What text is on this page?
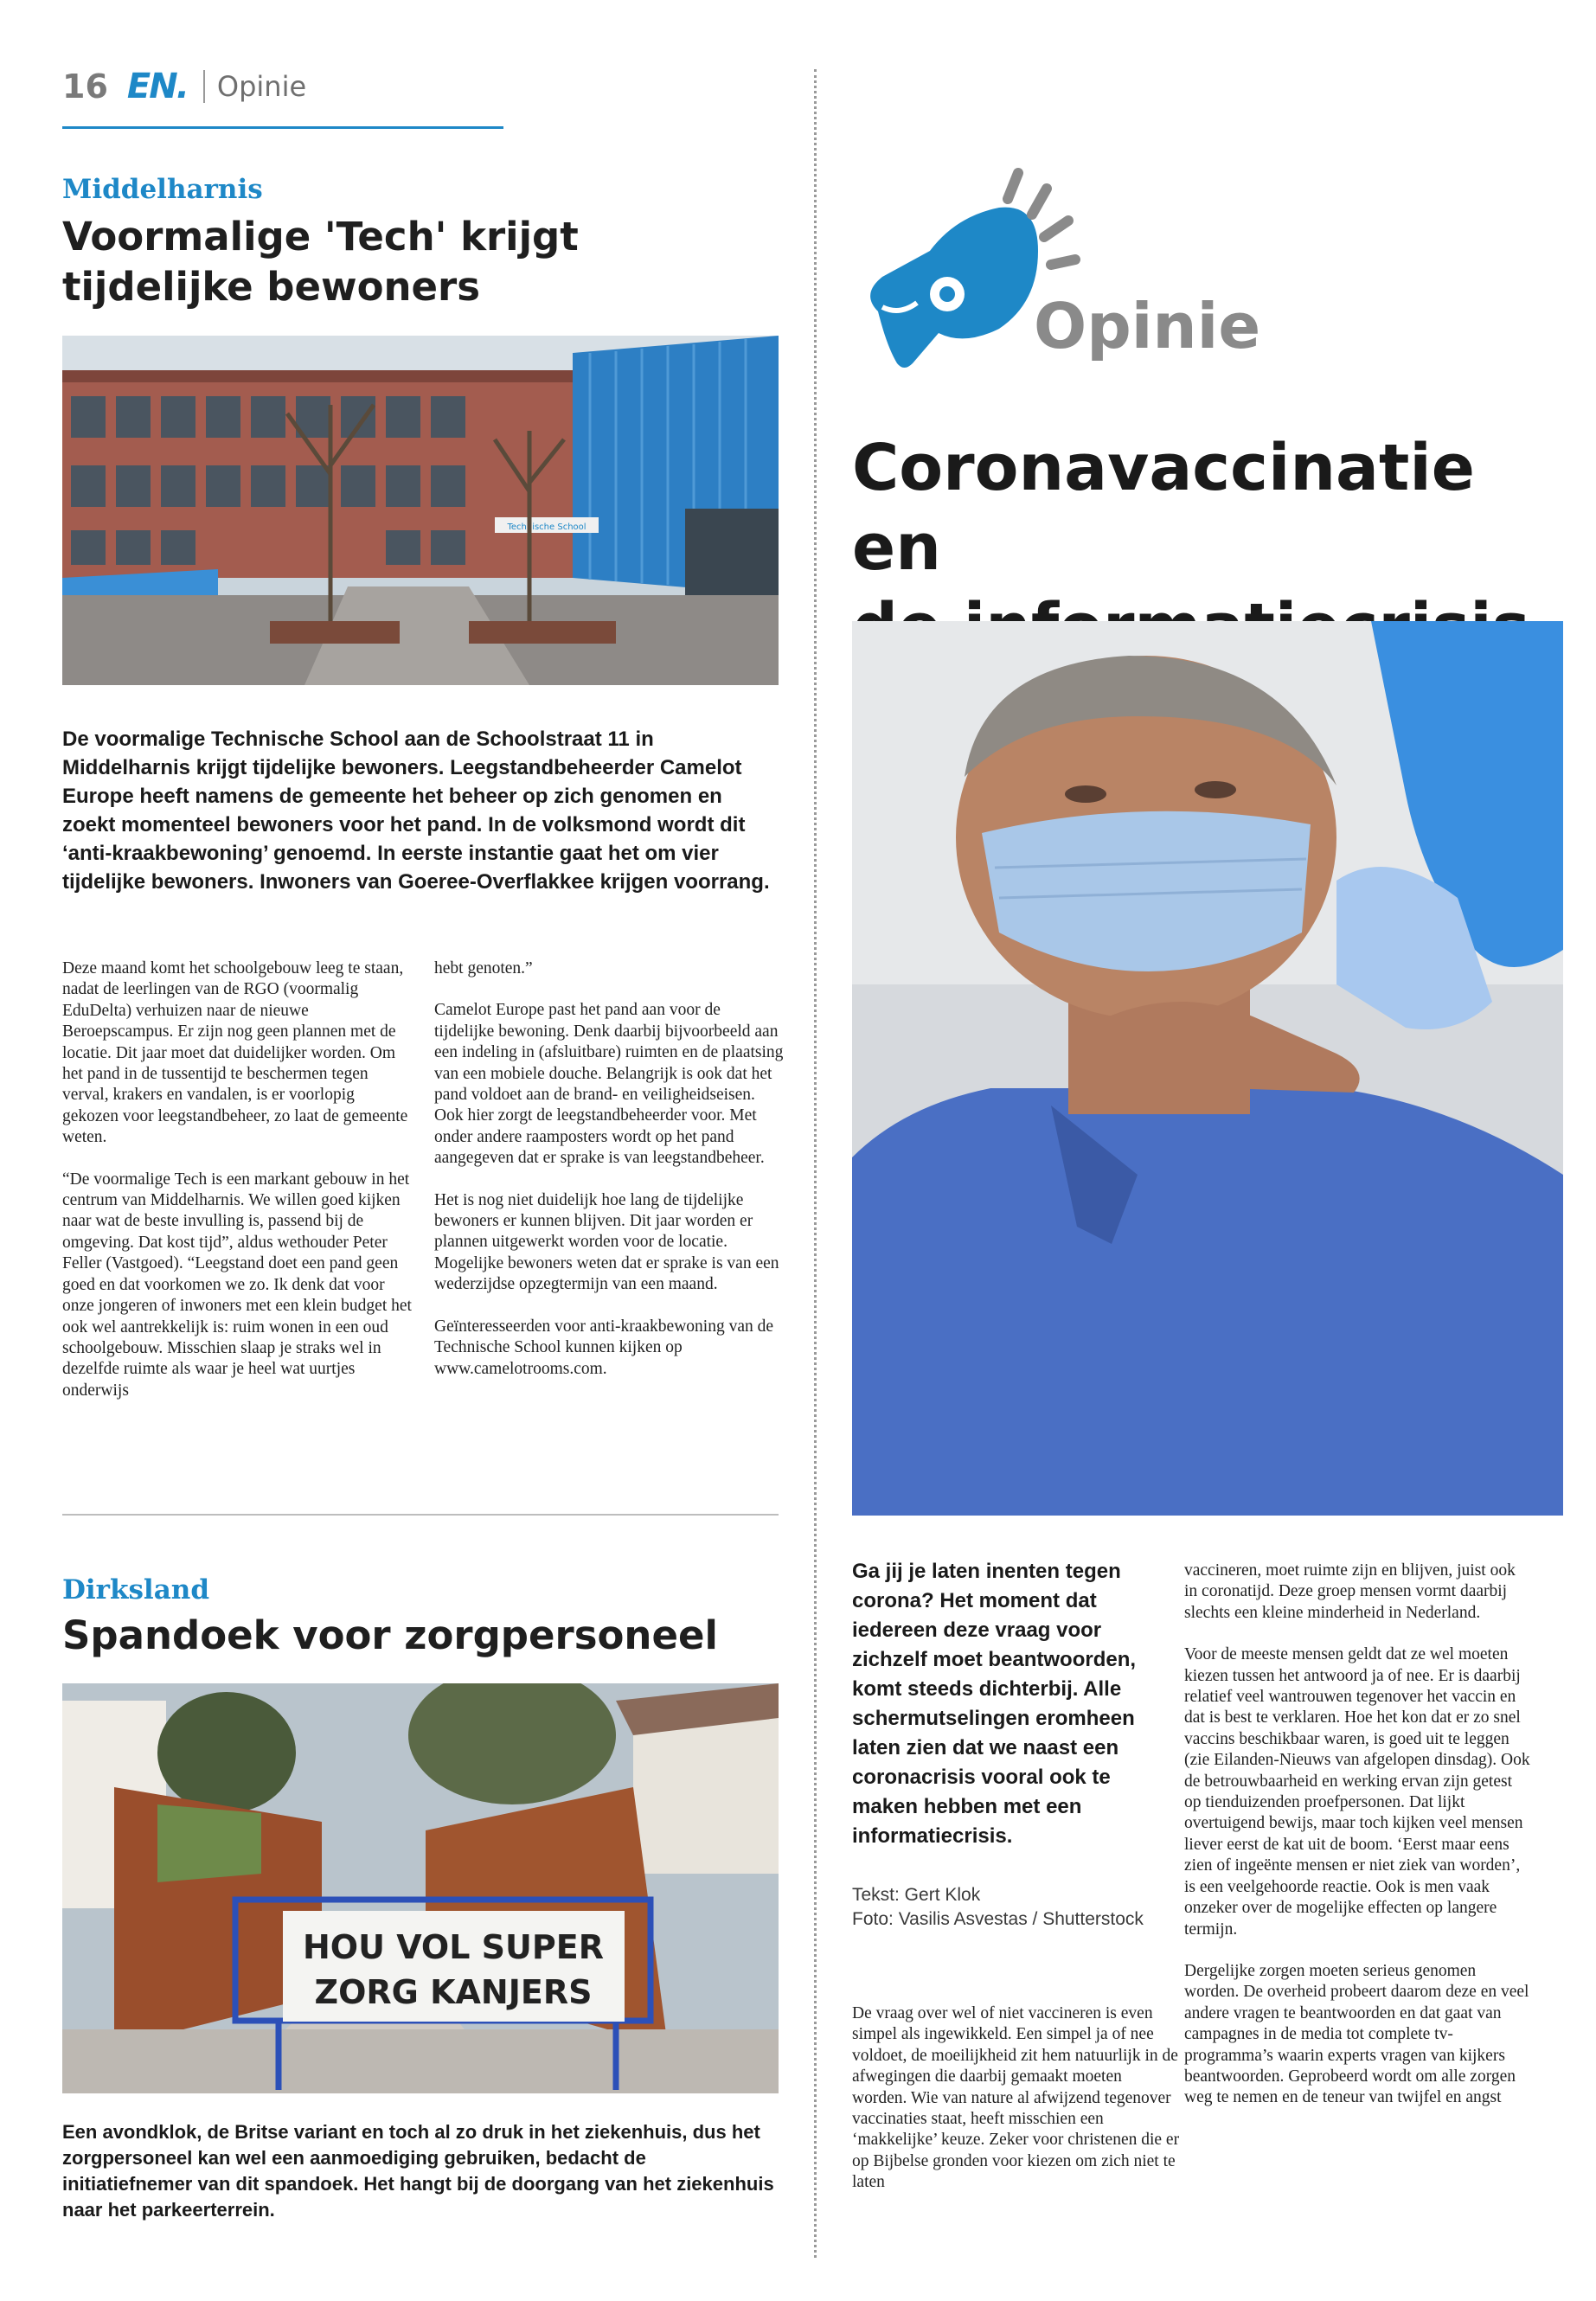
16 EN. Opinie
Middelharnis
Voormalige 'Tech' krijgt
tijdelijke bewoners
Technische School
De voormalige Technische School aan de Schoolstraat 11 in Middelharnis krijgt tijdelijke bewoners. Leegstandbeheerder Camelot Europe heeft namens de gemeente het beheer op zich genomen en zoekt momenteel bewoners voor het pand. In de volksmond wordt dit ‘anti-kraakbewoning’ genoemd. In eerste instantie gaat het om vier tijdelijke bewoners. Inwoners van Goeree-Overflakkee krijgen voorrang.

Deze maand komt het schoolgebouw leeg te staan, nadat de leerlingen van de RGO (voormalig EduDelta) verhuizen naar de nieuwe Beroepscampus. Er zijn nog geen plannen met de locatie. Dit jaar moet dat duidelijker worden. Om het pand in de tussentijd te beschermen tegen verval, krakers en vandalen, is er voorlopig gekozen voor leegstandbeheer, zo laat de gemeente weten.

“De voormalige Tech is een markant gebouw in het centrum van Middelharnis. We willen goed kijken naar wat de beste invulling is, passend bij de omgeving. Dat kost tijd”, aldus wethouder Peter Feller (Vastgoed). “Leegstand doet een pand geen goed en dat voorkomen we zo. Ik denk dat voor onze jongeren of inwoners met een klein budget het ook wel aantrekkelijk is: ruim wonen in een oud schoolgebouw. Misschien slaap je straks wel in dezelfde ruimte als waar je heel wat uurtjes onderwijs

hebt genoten.”

Camelot Europe past het pand aan voor de tijdelijke bewoning. Denk daarbij bijvoorbeeld aan een indeling in (afsluitbare) ruimten en de plaatsing van een mobiele douche. Belangrijk is ook dat het pand voldoet aan de brand- en veiligheidseisen. Ook hier zorgt de leegstandbeheerder voor. Met onder andere raamposters wordt op het pand aangegeven dat er sprake is van leegstandbeheer.

Het is nog niet duidelijk hoe lang de tijdelijke bewoners er kunnen blijven. Dit jaar worden er plannen uitgewerkt worden voor de locatie. Mogelijke bewoners weten dat er sprake is van een wederzijdse opzegtermijn van een maand.

Geïnteresseerden voor anti-kraakbewoning van de Technische School kunnen kijken op www.camelotrooms.com.

Dirksland
Spandoek voor zorgpersoneel
HOU VOL SUPER
ZORG KANJERS
Een avondklok, de Britse variant en toch al zo druk in het ziekenhuis, dus het zorgpersoneel kan wel een aanmoediging gebruiken, bedacht de initiatiefnemer van dit spandoek. Het hangt bij de doorgang van het ziekenhuis naar het parkeerterrein.
Opinie
Coronavaccinatie en
Ga jij je laten inenten tegen corona? Het moment dat iedereen deze vraag voor zichzelf moet beantwoorden, komt steeds dichterbij. Alle schermutselingen eromheen laten zien dat we naast een coronacrisis vooral ook te maken hebben met een informatiecrisis.
Tekst: Gert Klok
Foto: Vasilis Asvestas / Shutterstock

De vraag over wel of niet vaccineren is even simpel als ingewikkeld. Een simpel ja of nee voldoet, de moeilijkheid zit hem natuurlijk in de afwegingen die daarbij gemaakt moeten worden. Wie van nature al afwijzend tegenover vaccinaties staat, heeft misschien een ‘makkelijke’ keuze. Zeker voor christenen die er op Bijbelse gronden voor kiezen om zich niet te laten

vaccineren, moet ruimte zijn en blijven, juist ook in coronatijd. Deze groep mensen vormt daarbij slechts een kleine minderheid in Nederland.

Voor de meeste mensen geldt dat ze wel moeten kiezen tussen het antwoord ja of nee. Er is daarbij relatief veel wantrouwen tegenover het vaccin en dat is best te verklaren. Hoe het kon dat er zo snel vaccins beschikbaar waren, is goed uit te leggen (zie Eilanden-Nieuws van afgelopen dinsdag). Ook de betrouwbaarheid en werking ervan zijn getest op tienduizenden proefpersonen. Dat lijkt overtuigend bewijs, maar toch kijken veel mensen liever eerst de kat uit de boom. ‘Eerst maar eens zien of ingeënte mensen er niet ziek van worden’, is een veelgehoorde reactie. Ook is men vaak onzeker over de mogelijke effecten op langere termijn.

Dergelijke zorgen moeten serieus genomen worden. De overheid probeert daarom deze en veel andere vragen te beantwoorden en dat gaat van campagnes in de media tot complete tv-programma’s waarin experts vragen van kijkers beantwoorden. Geprobeerd wordt om alle zorgen weg te nemen en de teneur van twijfel en angst
